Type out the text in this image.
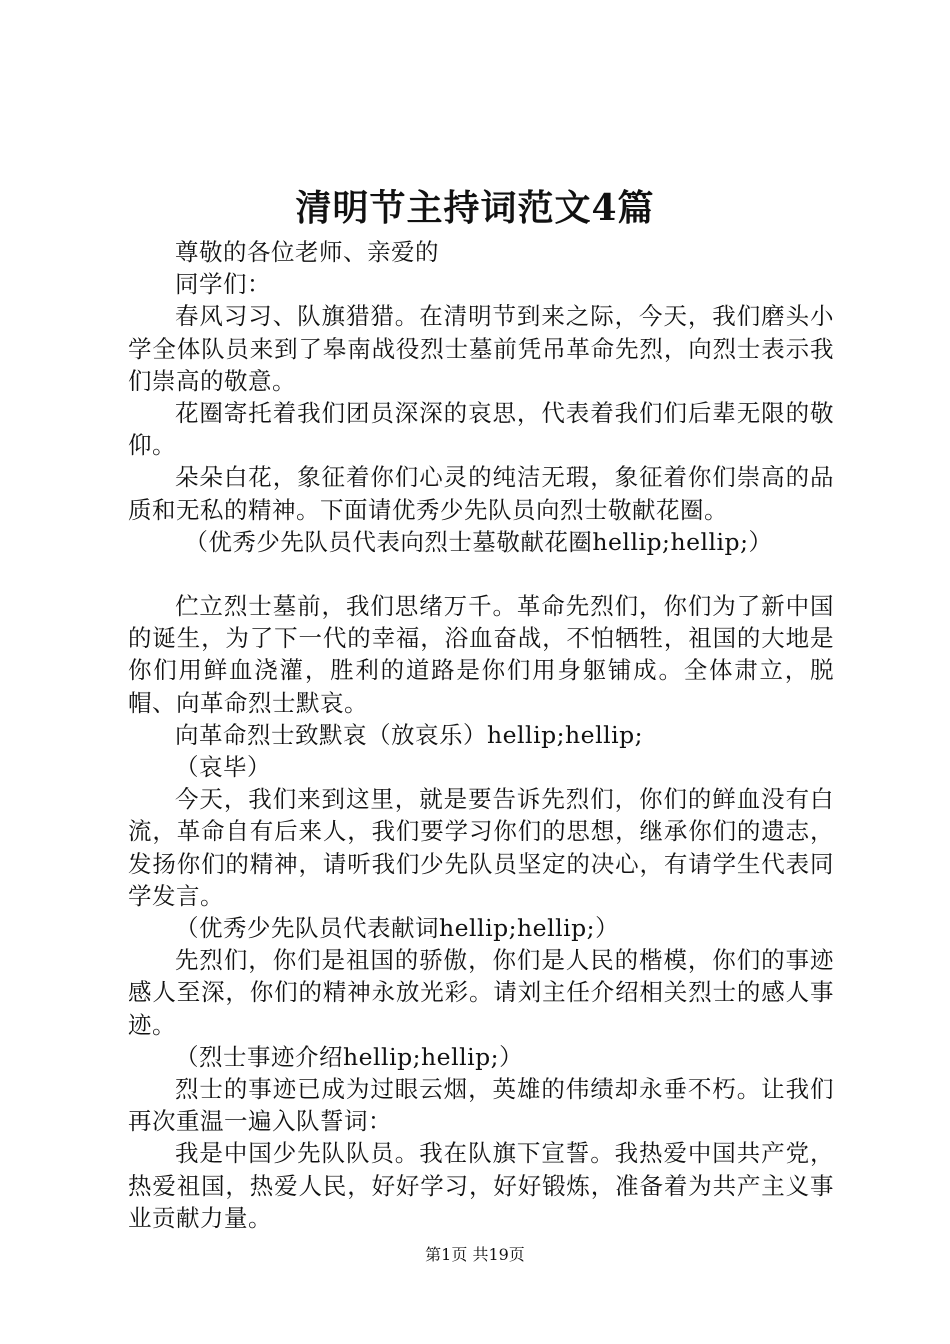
清明节主持词范文4篇

尊敬的各位老师、亲爱的

同学们：

春风习习、队旗猎猎。在清明节到来之际，今天，我们磨头小学全体队员来到了皋南战役烈士墓前凭吊革命先烈，向烈士表示我们崇高的敬意。

花圈寄托着我们团员深深的哀思，代表着我们们后辈无限的敬仰。

朵朵白花，象征着你们心灵的纯洁无瑕，象征着你们崇高的品质和无私的精神。下面请优秀少先队员向烈士敬献花圈。

（优秀少先队员代表向烈士墓敬献花圈hellip;hellip;）

伫立烈士墓前，我们思绪万千。革命先烈们，你们为了新中国的诞生，为了下一代的幸福，浴血奋战，不怕牺牲，祖国的大地是你们用鲜血浇灌，胜利的道路是你们用身躯铺成。全体肃立，脱帽、向革命烈士默哀。

向革命烈士致默哀（放哀乐）hellip;hellip;

（哀毕）

今天，我们来到这里，就是要告诉先烈们，你们的鲜血没有白流，革命自有后来人，我们要学习你们的思想，继承你们的遗志，发扬你们的精神，请听我们少先队员坚定的决心，有请学生代表同学发言。

（优秀少先队员代表献词hellip;hellip;）

先烈们，你们是祖国的骄傲，你们是人民的楷模，你们的事迹感人至深，你们的精神永放光彩。请刘主任介绍相关烈士的感人事迹。

（烈士事迹介绍hellip;hellip;）

烈士的事迹已成为过眼云烟，英雄的伟绩却永垂不朽。让我们再次重温一遍入队誓词：

我是中国少先队队员。我在队旗下宣誓。我热爱中国共产党，热爱祖国，热爱人民，好好学习，好好锻炼，准备着为共产主义事业贡献力量。

第1页 共19页
